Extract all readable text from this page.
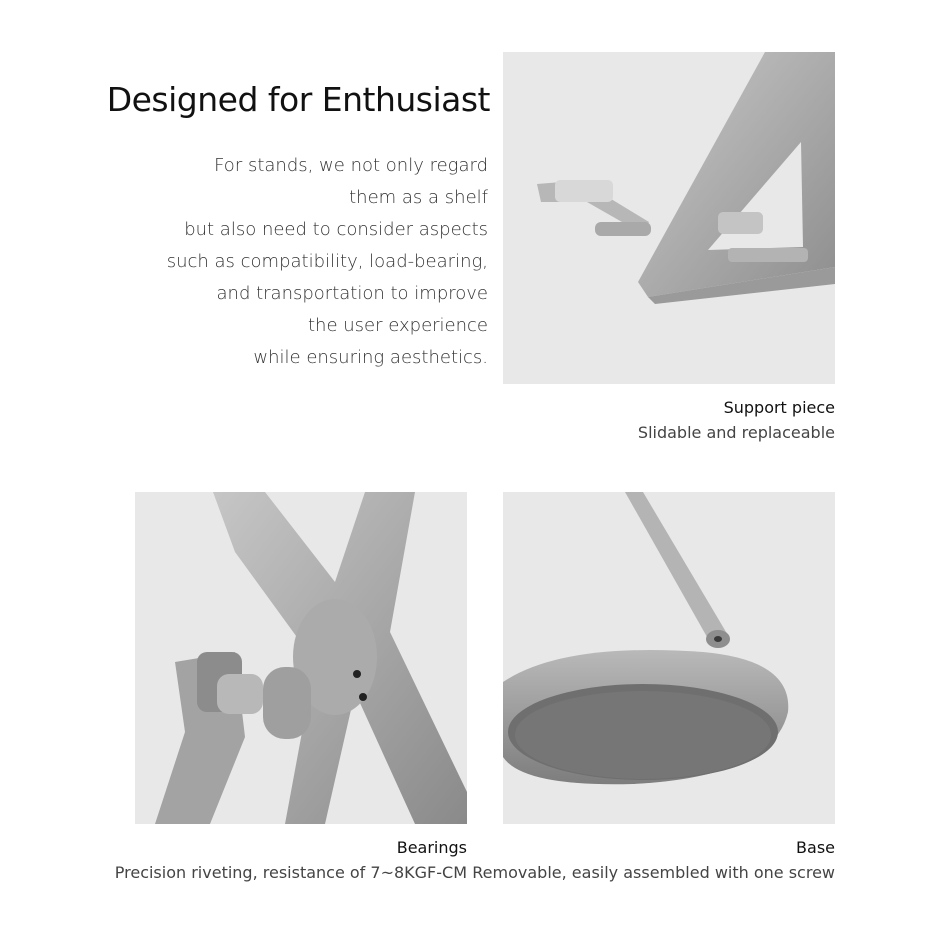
Designed for Enthusiast
For stands, we not only regard
them as a shelf
but also need to consider aspects
such as compatibility, load-bearing,
and transportation to improve
the user experience
while ensuring aesthetics.
Support piece
Slidable and replaceable
Bearings
Precision riveting, resistance of 7~8KGF-CM
Base
Removable, easily assembled with one screw
